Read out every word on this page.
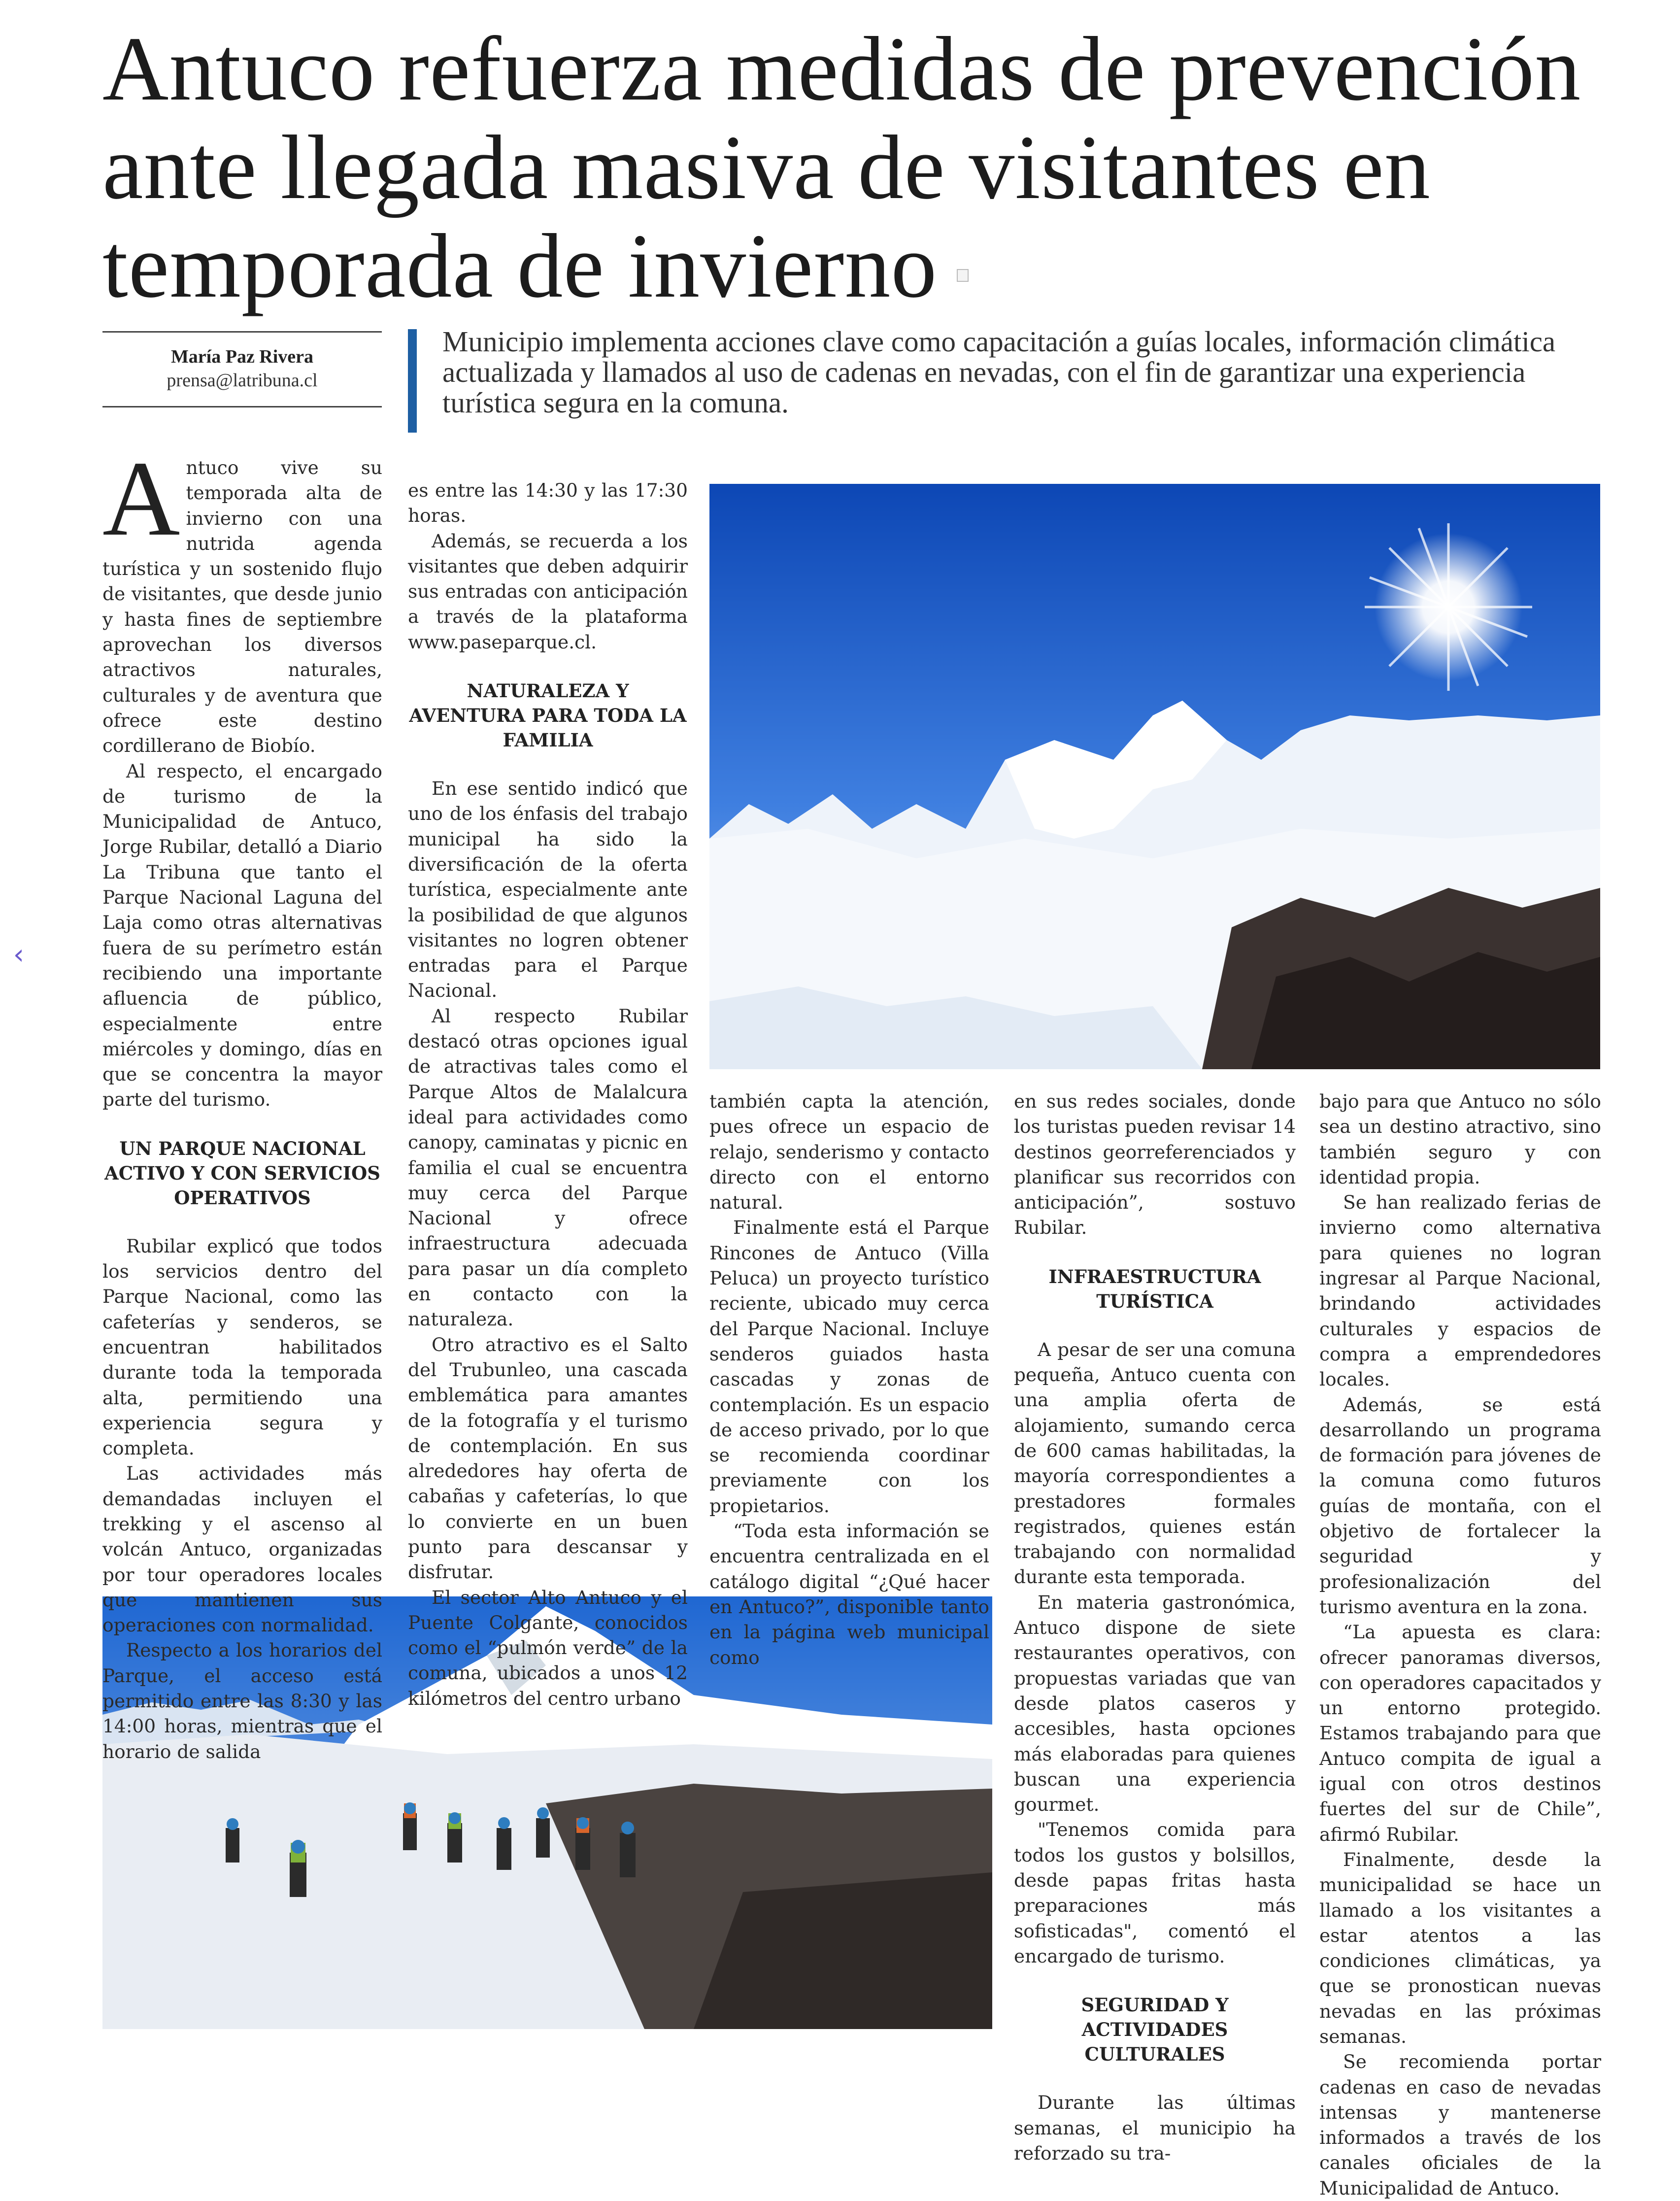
Antuco refuerza medidas de prevención ante llegada masiva de visitantes en temporada de invierno
María Paz Rivera
prensa@latribuna.cl

Municipio implementa acciones clave como capacitación a guías locales, información climática actualizada y llamados al uso de cadenas en nevadas, con el fin de garantizar una experiencia turística segura en la comuna.

A ntuco vive su temporada alta de invierno con una nutrida agenda turística y un sostenido flujo de visitantes, que desde junio y hasta fines de septiembre aprovechan los diversos atractivos naturales, culturales y de aventura que ofrece este destino cordillerano de Biobío.

Al respecto, el encargado de turismo de la Municipalidad de Antuco, Jorge Rubilar, detalló a Diario La Tribuna que tanto el Parque Nacional Laguna del Laja como otras alternativas fuera de su perímetro están recibiendo una importante afluencia de público, especialmente entre miércoles y domingo, días en que se concentra la mayor parte del turismo.

UN PARQUE NACIONAL ACTIVO Y CON SERVICIOS OPERATIVOS

Rubilar explicó que todos los servicios dentro del Parque Nacional, como las cafeterías y senderos, se encuentran habilitados durante toda la temporada alta, permitiendo una experiencia segura y completa.

Las actividades más demandadas incluyen el trekking y el ascenso al volcán Antuco, organizadas por tour operadores locales que mantienen sus operaciones con normalidad.

Respecto a los horarios del Parque, el acceso está permitido entre las 8:30 y las 14:00 horas, mientras que el horario de salida

es entre las 14:30 y las 17:30 horas.

Además, se recuerda a los visitantes que deben adquirir sus entradas con anticipación a través de la plataforma www.paseparque.cl.

NATURALEZA Y AVENTURA PARA TODA LA FAMILIA

En ese sentido indicó que uno de los énfasis del trabajo municipal ha sido la diversificación de la oferta turística, especialmente ante la posibilidad de que algunos visitantes no logren obtener entradas para el Parque Nacional.

Al respecto Rubilar destacó otras opciones igual de atractivas tales como el Parque Altos de Malalcura ideal para actividades como canopy, caminatas y picnic en familia el cual se encuentra muy cerca del Parque Nacional y ofrece infraestructura adecuada para pasar un día completo en contacto con la naturaleza.

Otro atractivo es el Salto del Trubunleo, una cascada emblemática para amantes de la fotografía y el turismo de contemplación. En sus alrededores hay oferta de cabañas y cafeterías, lo que lo convierte en un buen punto para descansar y disfrutar.

El sector Alto Antuco y el Puente Colgante, conocidos como el “pulmón verde” de la comuna, ubicados a unos 12 kilómetros del centro urbano

también capta la atención, pues ofrece un espacio de relajo, senderismo y contacto directo con el entorno natural.

Finalmente está el Parque Rincones de Antuco (Villa Peluca) un proyecto turístico reciente, ubicado muy cerca del Parque Nacional. Incluye senderos guiados hasta cascadas y zonas de contemplación. Es un espacio de acceso privado, por lo que se recomienda coordinar previamente con los propietarios.

“Toda esta información se encuentra centralizada en el catálogo digital “¿Qué hacer en Antuco?”, disponible tanto en la página web municipal como

en sus redes sociales, donde los turistas pueden revisar 14 destinos georreferenciados y planificar sus recorridos con anticipación”, sostuvo Rubilar.

INFRAESTRUCTURA TURÍSTICA

A pesar de ser una comuna pequeña, Antuco cuenta con una amplia oferta de alojamiento, sumando cerca de 600 camas habilitadas, la mayoría correspondientes a prestadores formales registrados, quienes están trabajando con normalidad durante esta temporada.

En materia gastronómica, Antuco dispone de siete restaurantes operativos, con propuestas variadas que van desde platos caseros y accesibles, hasta opciones más elaboradas para quienes buscan una experiencia gourmet.

"Tenemos comida para todos los gustos y bolsillos, desde papas fritas hasta preparaciones más sofisticadas", comentó el encargado de turismo.

SEGURIDAD Y ACTIVIDADES CULTURALES

Durante las últimas semanas, el municipio ha reforzado su tra-

bajo para que Antuco no sólo sea un destino atractivo, sino también seguro y con identidad propia.

Se han realizado ferias de invierno como alternativa para quienes no logran ingresar al Parque Nacional, brindando actividades culturales y espacios de compra a emprendedores locales.

Además, se está desarrollando un programa de formación para jóvenes de la comuna como futuros guías de montaña, con el objetivo de fortalecer la seguridad y profesionalización del turismo aventura en la zona.

“La apuesta es clara: ofrecer panoramas diversos, con operadores capacitados y un entorno protegido. Estamos trabajando para que Antuco compita de igual a igual con otros destinos fuertes del sur de Chile”, afirmó Rubilar.

Finalmente, desde la municipalidad se hace un llamado a los visitantes a estar atentos a las condiciones climáticas, ya que se pronostican nuevas nevadas en las próximas semanas.

Se recomienda portar cadenas en caso de nevadas intensas y mantenerse informados a través de los canales oficiales de la Municipalidad de Antuco.

‹
